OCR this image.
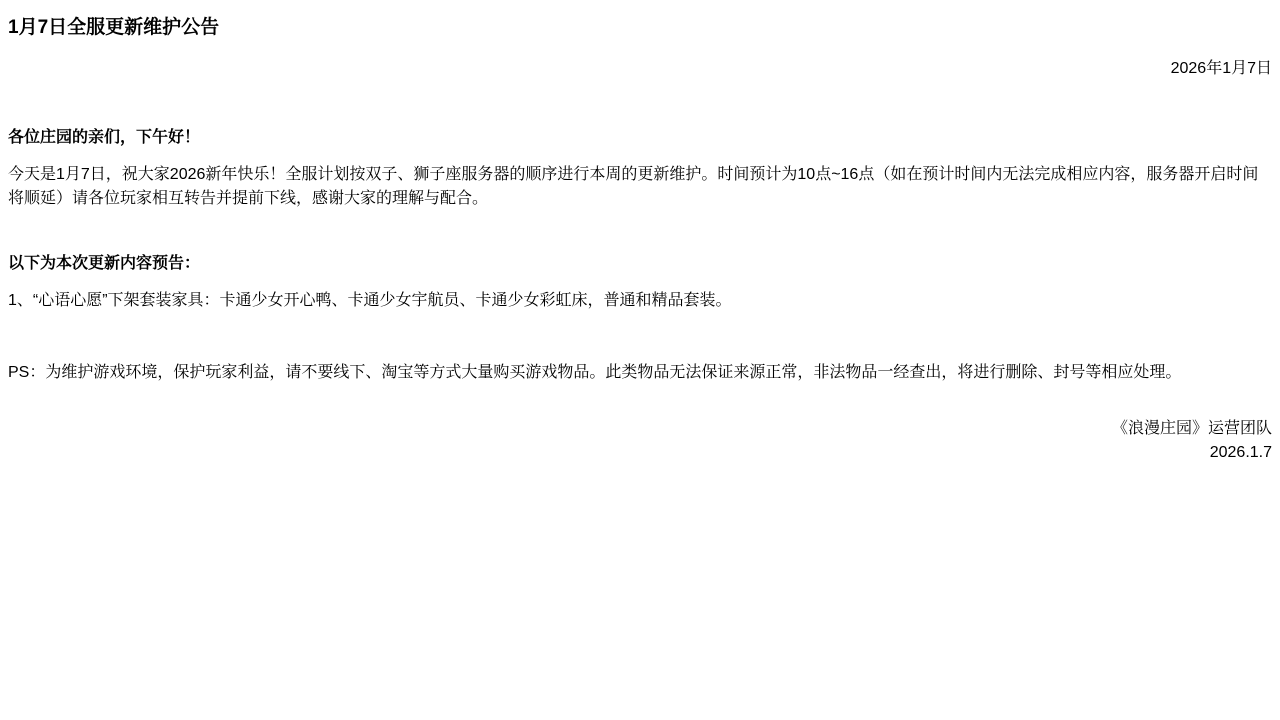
1月7日全服更新维护公告

2026年1月7日

各位庄园的亲们，下午好！

今天是1月7日，祝大家2026新年快乐！全服计划按双子、狮子座服务器的顺序进行本周的更新维护。时间预计为10点~16点（如在预计时间内无法完成相应内容，服务器开启时间将顺延）请各位玩家相互转告并提前下线，感谢大家的理解与配合。

以下为本次更新内容预告：

1、“心语心愿”下架套装家具：卡通少女开心鸭、卡通少女宇航员、卡通少女彩虹床，普通和精品套装。

PS：为维护游戏环境，保护玩家利益，请不要线下、淘宝等方式大量购买游戏物品。此类物品无法保证来源正常，非法物品一经查出，将进行删除、封号等相应处理。

《浪漫庄园》运营团队
2026.1.7
